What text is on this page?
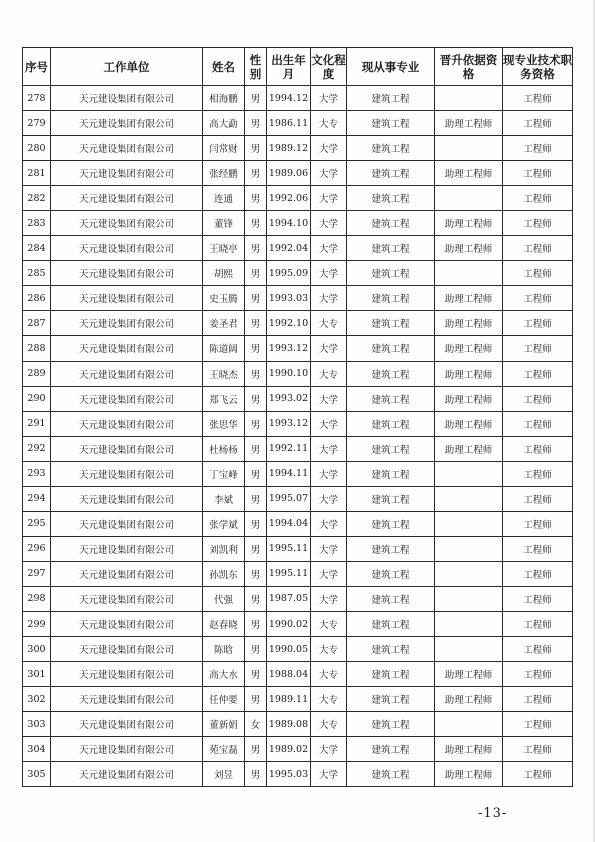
序号	工作单位	姓名	性别	出生年月	文化程度	现从事专业	晋升依据资格	现专业技术职务资格
278	天元建设集团有限公司	相海鹏	男	1994.12	大学	建筑工程		工程师
279	天元建设集团有限公司	高大勐	男	1986.11	大专	建筑工程	助理工程师	工程师
280	天元建设集团有限公司	闫常财	男	1989.12	大学	建筑工程		工程师
281	天元建设集团有限公司	张经鹏	男	1989.06	大学	建筑工程	助理工程师	工程师
282	天元建设集团有限公司	连通	男	1992.06	大学	建筑工程		工程师
283	天元建设集团有限公司	董锋	男	1994.10	大学	建筑工程	助理工程师	工程师
284	天元建设集团有限公司	王晓亭	男	1992.04	大学	建筑工程	助理工程师	工程师
285	天元建设集团有限公司	胡熙	男	1995.09	大学	建筑工程		工程师
286	天元建设集团有限公司	史玉腾	男	1993.03	大学	建筑工程	助理工程师	工程师
287	天元建设集团有限公司	姜圣君	男	1992.10	大专	建筑工程	助理工程师	工程师
288	天元建设集团有限公司	陈道阔	男	1993.12	大学	建筑工程	助理工程师	工程师
289	天元建设集团有限公司	王晓杰	男	1990.10	大专	建筑工程	助理工程师	工程师
290	天元建设集团有限公司	郑飞云	男	1993.02	大学	建筑工程	助理工程师	工程师
291	天元建设集团有限公司	张思华	男	1993.12	大学	建筑工程	助理工程师	工程师
292	天元建设集团有限公司	杜杨杨	男	1992.11	大学	建筑工程	助理工程师	工程师
293	天元建设集团有限公司	丁宝峰	男	1994.11	大学	建筑工程		工程师
294	天元建设集团有限公司	李斌	男	1995.07	大学	建筑工程		工程师
295	天元建设集团有限公司	张学斌	男	1994.04	大学	建筑工程		工程师
296	天元建设集团有限公司	刘凯利	男	1995.11	大学	建筑工程		工程师
297	天元建设集团有限公司	孙凯东	男	1995.11	大学	建筑工程		工程师
298	天元建设集团有限公司	代强	男	1987.05	大学	建筑工程		工程师
299	天元建设集团有限公司	赵春晓	男	1990.02	大专	建筑工程		工程师
300	天元建设集团有限公司	陈晗	男	1990.05	大专	建筑工程		工程师
301	天元建设集团有限公司	高大水	男	1988.04	大专	建筑工程	助理工程师	工程师
302	天元建设集团有限公司	任仲要	男	1989.11	大专	建筑工程	助理工程师	工程师
303	天元建设集团有限公司	董新娟	女	1989.08	大专	建筑工程		工程师
304	天元建设集团有限公司	苑宝磊	男	1989.02	大学	建筑工程	助理工程师	工程师
305	天元建设集团有限公司	刘昱	男	1995.03	大学	建筑工程	助理工程师	工程师
-13-
